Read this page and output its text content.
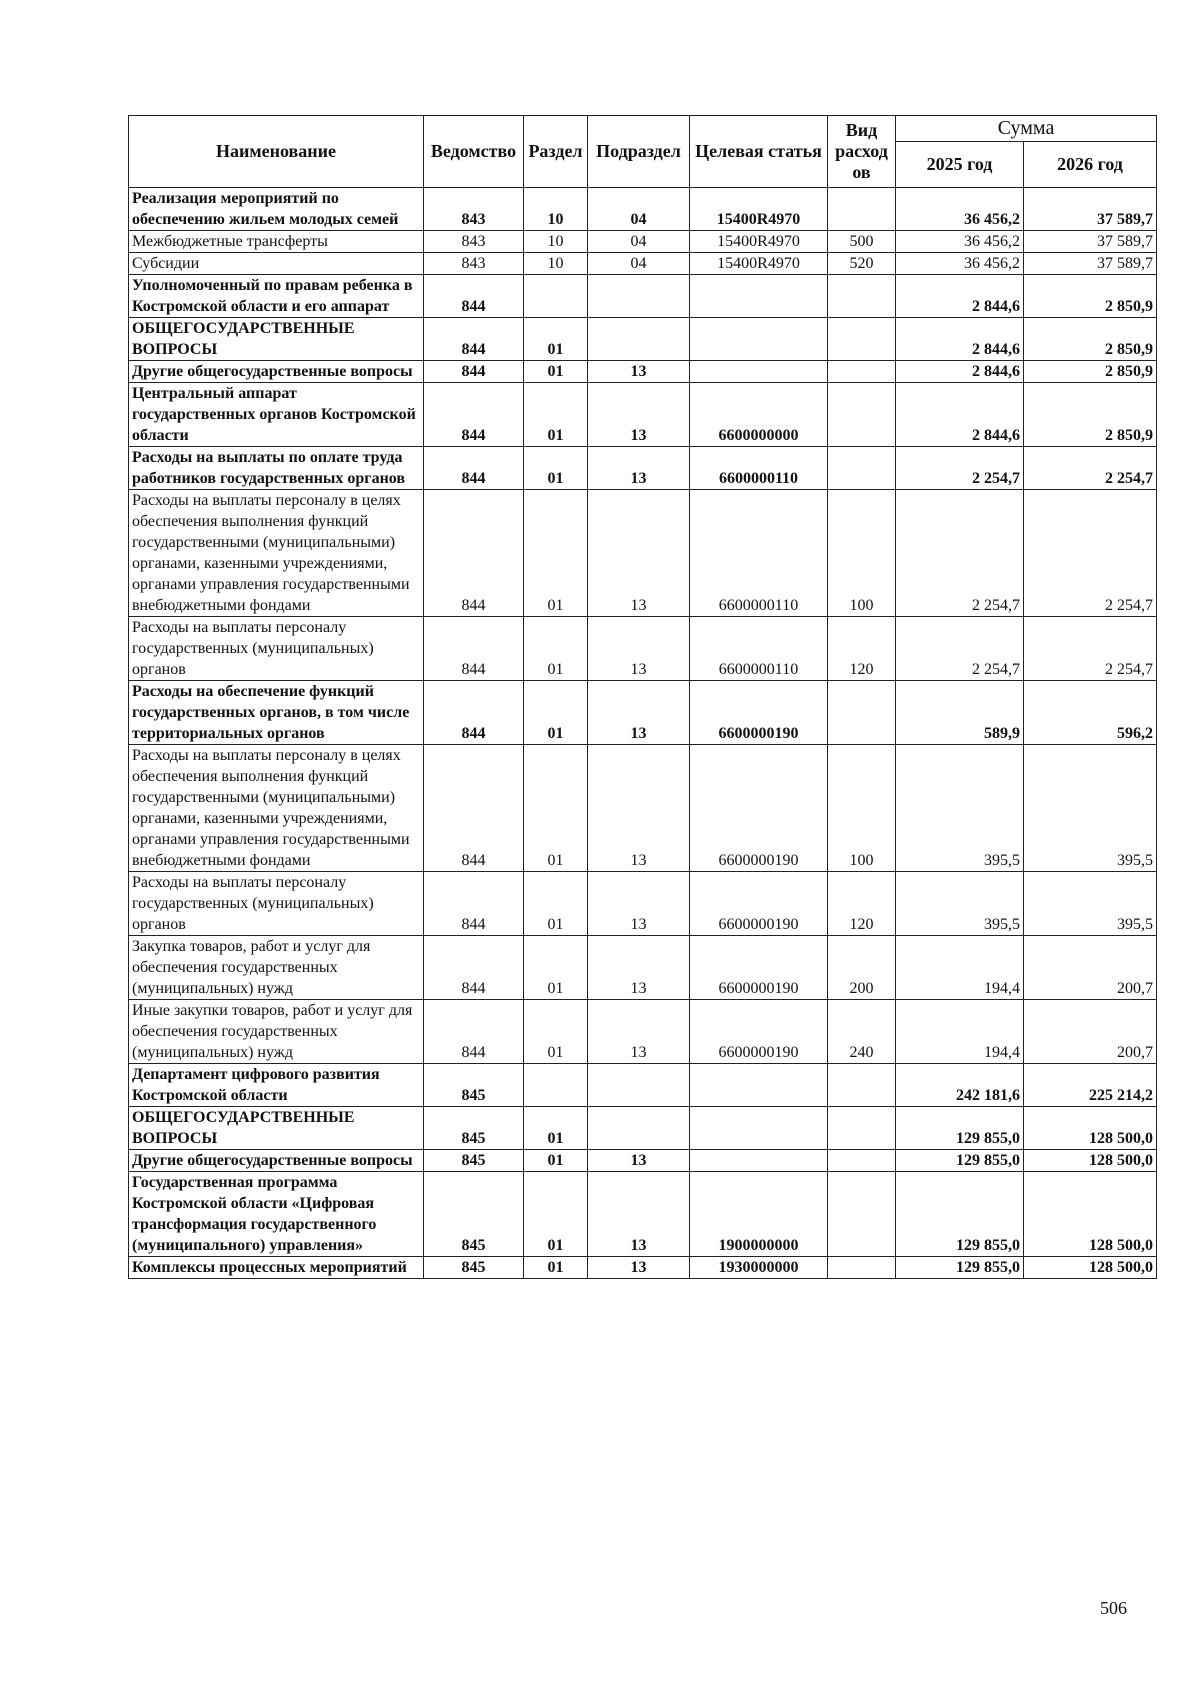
Наименование	Ведомство	Раздел	Подраздел	Целевая статья	Вид расход ов	Сумма	
						2025 год	2026 год
Реализация мероприятий по обеспечению жильем молодых семей	843	10	04	15400R4970		36 456,2	37 589,7
Межбюджетные трансферты	843	10	04	15400R4970	500	36 456,2	37 589,7
Субсидии	843	10	04	15400R4970	520	36 456,2	37 589,7
Уполномоченный по правам ребенка в Костромской области и его аппарат	844					2 844,6	2 850,9
ОБЩЕГОСУДАРСТВЕННЫЕ ВОПРОСЫ	844	01				2 844,6	2 850,9
Другие общегосударственные вопросы	844	01	13			2 844,6	2 850,9
Центральный аппарат государственных органов Костромской области	844	01	13	6600000000		2 844,6	2 850,9
Расходы на выплаты по оплате труда работников государственных органов	844	01	13	6600000110		2 254,7	2 254,7
Расходы на выплаты персоналу в целях обеспечения выполнения функций государственными (муниципальными) органами, казенными учреждениями, органами управления государственными внебюджетными фондами	844	01	13	6600000110	100	2 254,7	2 254,7
Расходы на выплаты персоналу государственных (муниципальных) органов	844	01	13	6600000110	120	2 254,7	2 254,7
Расходы на обеспечение функций государственных органов, в том числе территориальных органов	844	01	13	6600000190		589,9	596,2
Расходы на выплаты персоналу в целях обеспечения выполнения функций государственными (муниципальными) органами, казенными учреждениями, органами управления государственными внебюджетными фондами	844	01	13	6600000190	100	395,5	395,5
Расходы на выплаты персоналу государственных (муниципальных) органов	844	01	13	6600000190	120	395,5	395,5
Закупка товаров, работ и услуг для обеспечения государственных (муниципальных) нужд	844	01	13	6600000190	200	194,4	200,7
Иные закупки товаров, работ и услуг для обеспечения государственных (муниципальных) нужд	844	01	13	6600000190	240	194,4	200,7
Департамент цифрового развития Костромской области	845					242 181,6	225 214,2
ОБЩЕГОСУДАРСТВЕННЫЕ ВОПРОСЫ	845	01				129 855,0	128 500,0
Другие общегосударственные вопросы	845	01	13			129 855,0	128 500,0
Государственная программа Костромской области «Цифровая трансформация государственного (муниципального) управления»	845	01	13	1900000000		129 855,0	128 500,0
Комплексы процессных мероприятий	845	01	13	1930000000		129 855,0	128 500,0
506
